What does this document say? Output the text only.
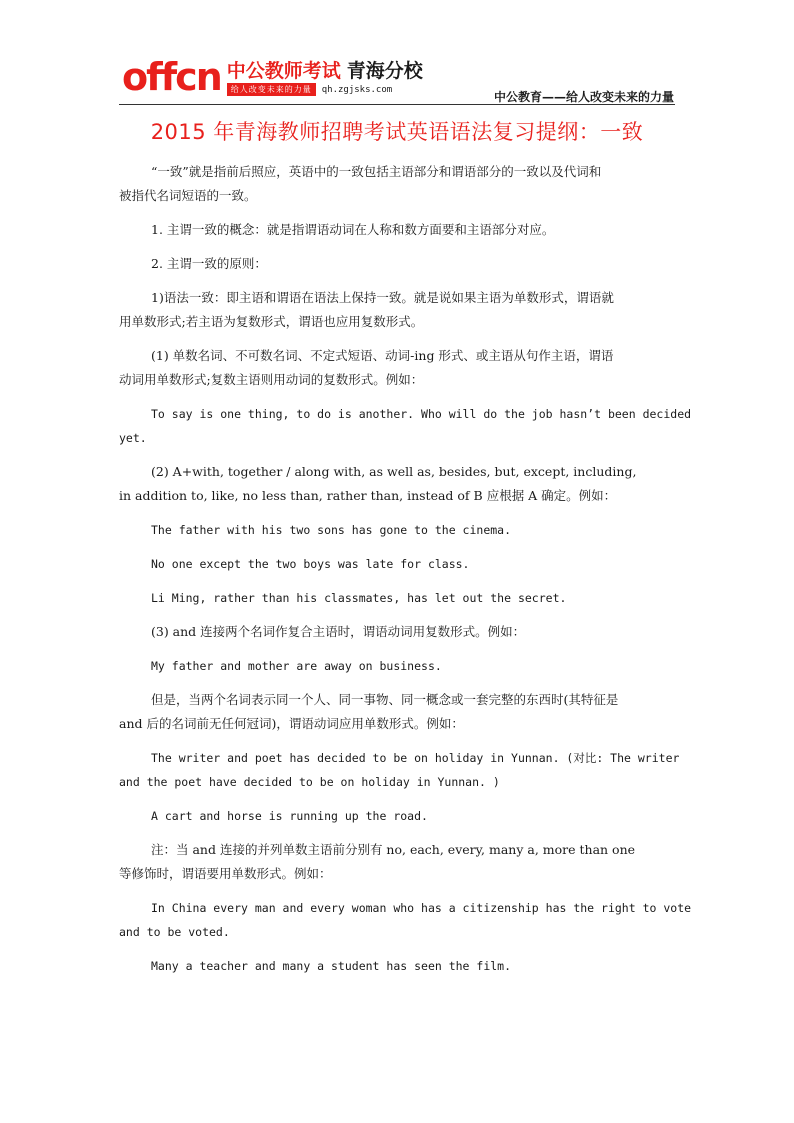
offcn 中公教师考试 青海分校
给人改变未来的力量	qh.zgjsks.com
中公教育——给人改变未来的力量
2015 年青海教师招聘考试英语语法复习提纲：一致
“一致”就是指前后照应，英语中的一致包括主语部分和谓语部分的一致以及代词和
被指代名词短语的一致。
1. 主谓一致的概念：就是指谓语动词在人称和数方面要和主语部分对应。
2. 主谓一致的原则：
1)语法一致：即主语和谓语在语法上保持一致。就是说如果主语为单数形式，谓语就
用单数形式;若主语为复数形式，谓语也应用复数形式。
(1) 单数名词、不可数名词、不定式短语、动词-ing 形式、或主语从句作主语，谓语
动词用单数形式;复数主语则用动词的复数形式。例如：
To say is one thing, to do is another. Who will do the job hasn’t been decided
yet.
(2) A+with, together / along with, as well as, besides, but, except, including,
in addition to, like, no less than, rather than, instead of B 应根据 A 确定。例如：
The father with his two sons has gone to the cinema.
No one except the two boys was late for class.
Li Ming, rather than his classmates, has let out the secret.
(3) and 连接两个名词作复合主语时，谓语动词用复数形式。例如：
My father and mother are away on business.
但是，当两个名词表示同一个人、同一事物、同一概念或一套完整的东西时(其特征是
and 后的名词前无任何冠词)，谓语动词应用单数形式。例如：
The writer and poet has decided to be on holiday in Yunnan. (对比: The writer
and the poet have decided to be on holiday in Yunnan. )
A cart and horse is running up the road.
注：当 and 连接的并列单数主语前分别有 no, each, every, many a, more than one
等修饰时，谓语要用单数形式。例如：
In China every man and every woman who has a citizenship has the right to vote
and to be voted.
Many a teacher and many a student has seen the film.
